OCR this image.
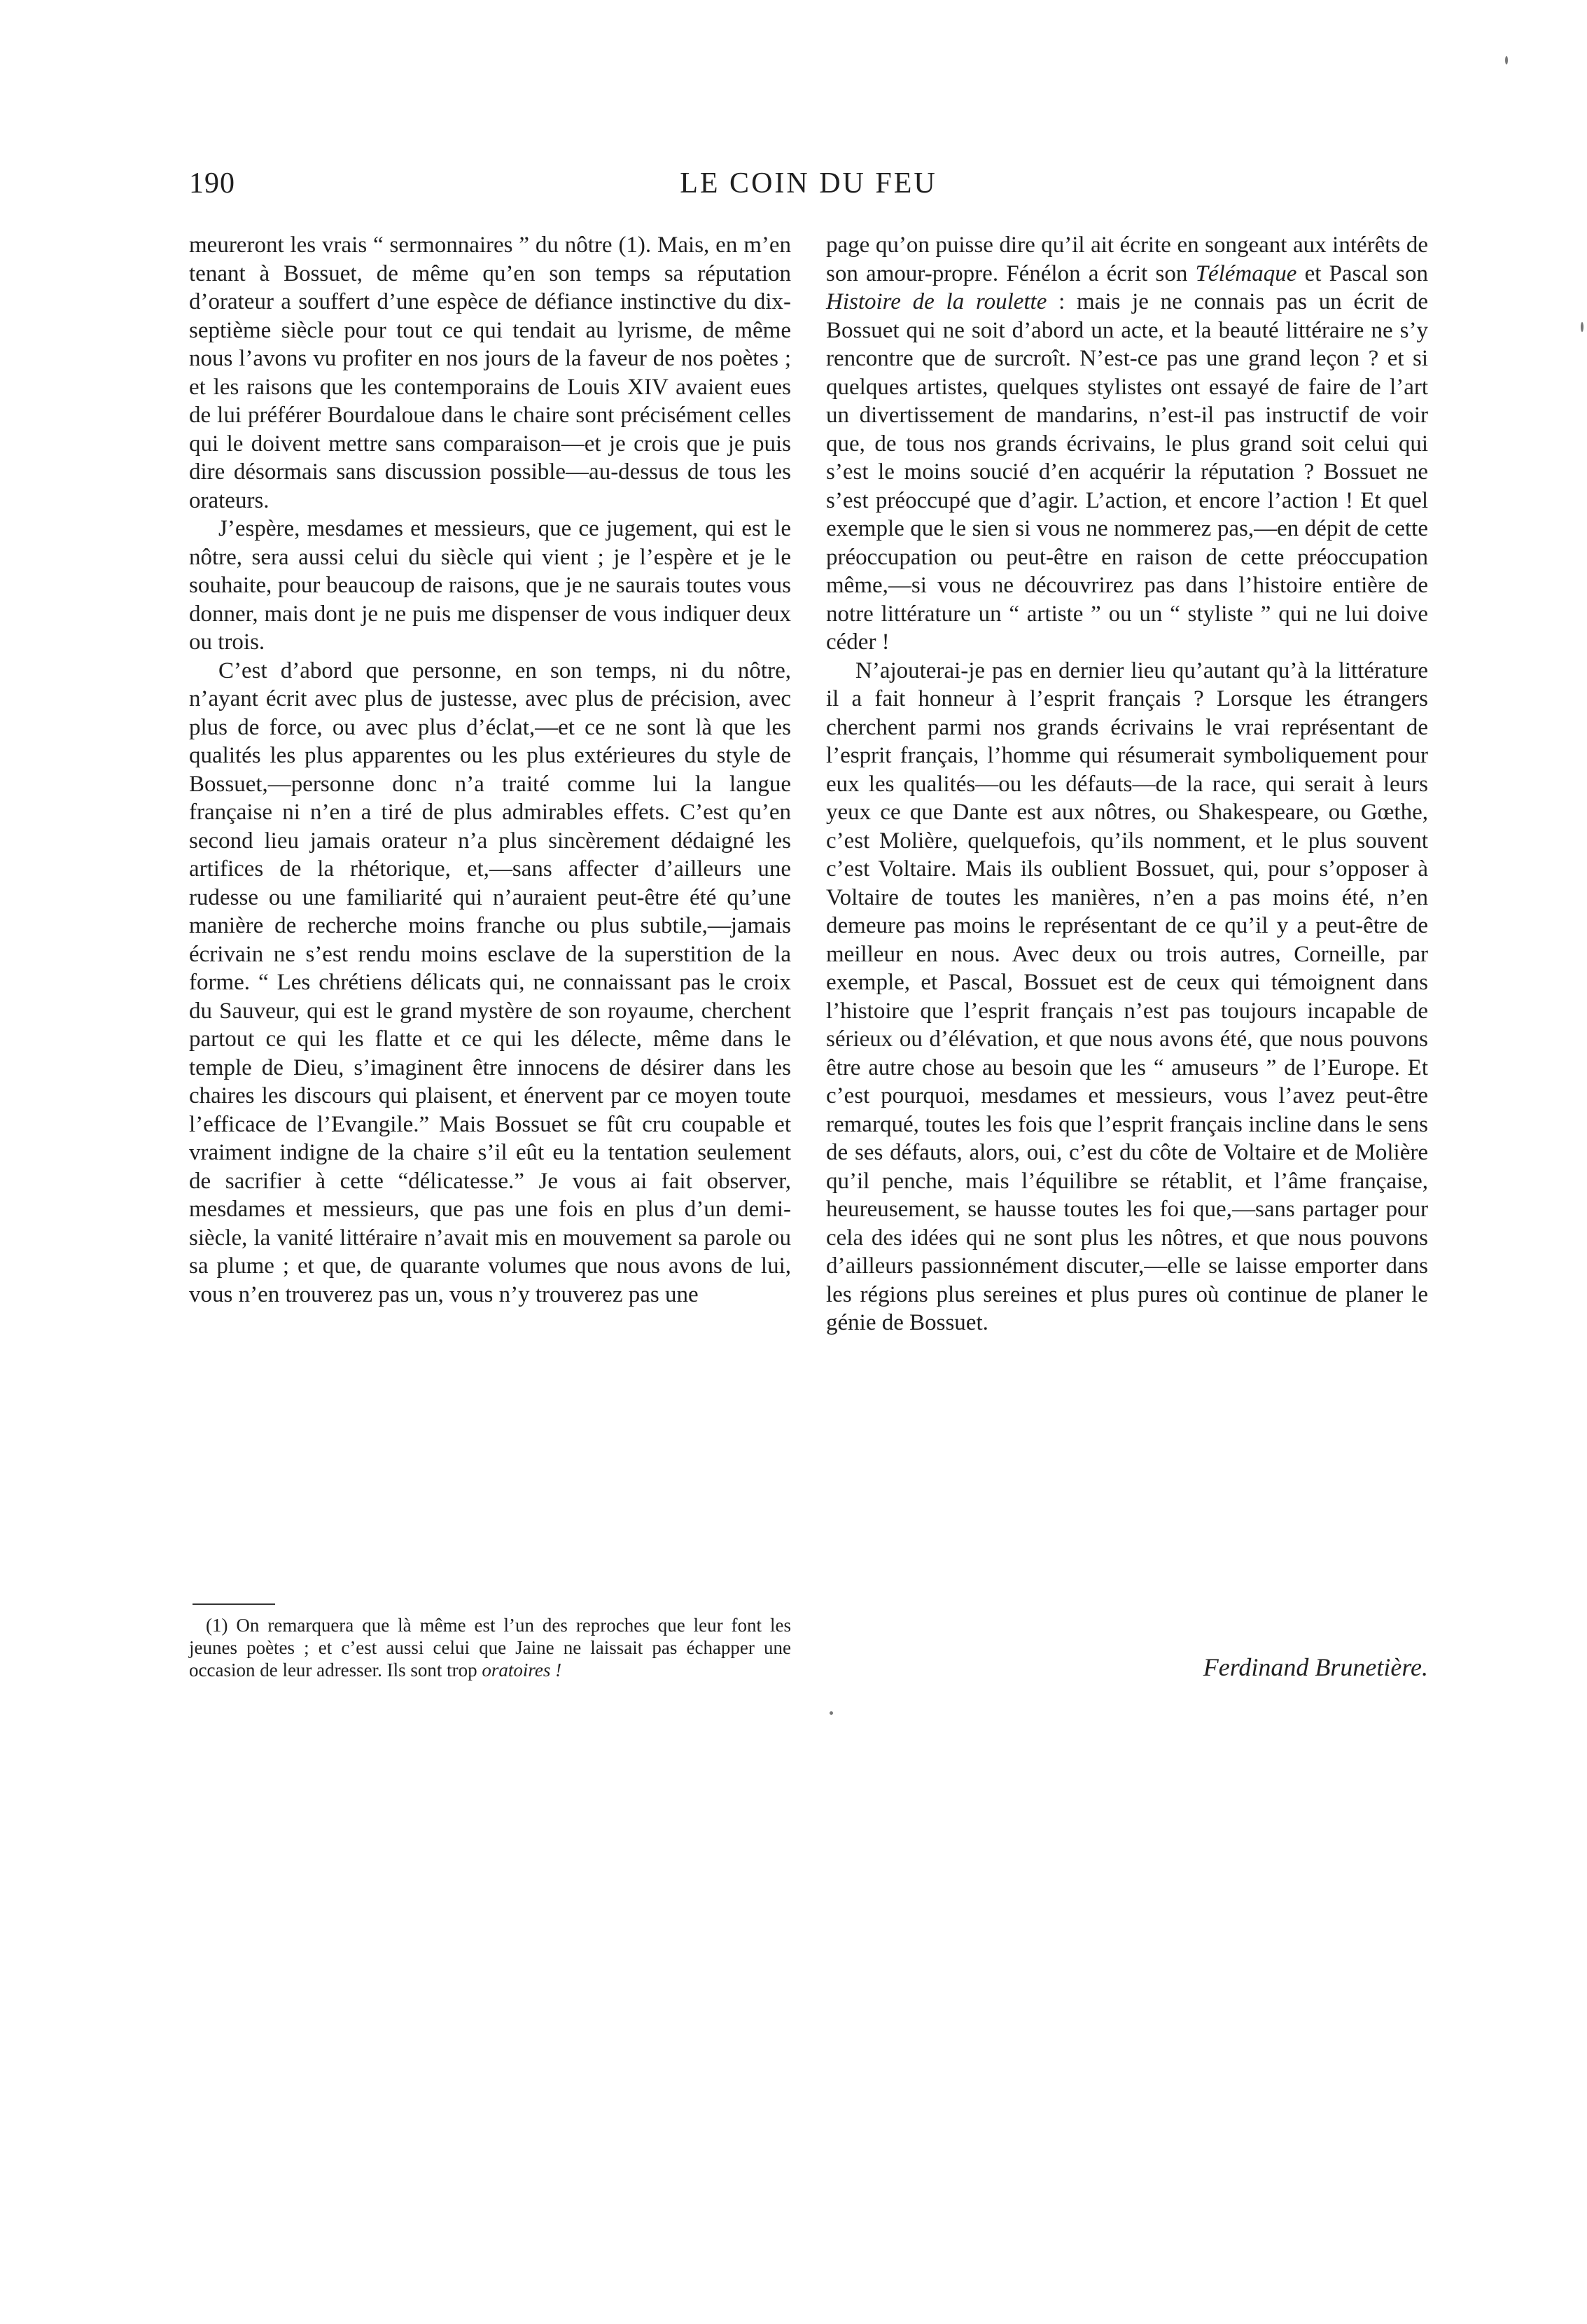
190	LE COIN DU FEU

meureront les vrais “ sermonnaires ” du nôtre (1). Mais, en m’en tenant à Bossuet, de même qu’en son temps sa réputation d’orateur a souffert d’une espèce de défiance instinctive du dix-septième siècle pour tout ce qui tendait au lyrisme, de même nous l’avons vu profiter en nos jours de la faveur de nos poètes ; et les raisons que les contemporains de Louis XIV avaient eues de lui préférer Bourdaloue dans le chaire sont précisément celles qui le doivent mettre sans comparaison—et je crois que je puis dire désormais sans discussion possible—au-dessus de tous les orateurs.

J’espère, mesdames et messieurs, que ce jugement, qui est le nôtre, sera aussi celui du siècle qui vient ; je l’espère et je le souhaite, pour beaucoup de raisons, que je ne saurais toutes vous donner, mais dont je ne puis me dispenser de vous indiquer deux ou trois.

C’est d’abord que personne, en son temps, ni du nôtre, n’ayant écrit avec plus de justesse, avec plus de précision, avec plus de force, ou avec plus d’éclat,—et ce ne sont là que les qualités les plus apparentes ou les plus extérieures du style de Bossuet,—personne donc n’a traité comme lui la langue française ni n’en a tiré de plus admirables effets. C’est qu’en second lieu jamais orateur n’a plus sincèrement dédaigné les artifices de la rhétorique, et,—sans affecter d’ailleurs une rudesse ou une familiarité qui n’auraient peut-être été qu’une manière de recherche moins franche ou plus subtile,—jamais écrivain ne s’est rendu moins esclave de la superstition de la forme. “ Les chrétiens délicats qui, ne connaissant pas le croix du Sauveur, qui est le grand mystère de son royaume, cherchent partout ce qui les flatte et ce qui les délecte, même dans le temple de Dieu, s’imaginent être innocens de désirer dans les chaires les discours qui plaisent, et énervent par ce moyen toute l’efficace de l’Evangile.” Mais Bossuet se fût cru coupable et vraiment indigne de la chaire s’il eût eu la tentation seulement de sacrifier à cette “délicatesse.” Je vous ai fait observer, mesdames et messieurs, que pas une fois en plus d’un demi-siècle, la vanité littéraire n’avait mis en mouvement sa parole ou sa plume ; et que, de quarante volumes que nous avons de lui, vous n’en trouverez pas un, vous n’y trouverez pas une

(1) On remarquera que là même est l’un des reproches que leur font les jeunes poètes ; et c’est aussi celui que Jaine ne laissait pas échapper une occasion de leur adresser. Ils sont trop oratoires !

page qu’on puisse dire qu’il ait écrite en songeant aux intérêts de son amour-propre. Fénélon a écrit son Télémaque et Pascal son Histoire de la roulette : mais je ne connais pas un écrit de Bossuet qui ne soit d’abord un acte, et la beauté littéraire ne s’y rencontre que de surcroît. N’est-ce pas une grand leçon ? et si quelques artistes, quelques stylistes ont essayé de faire de l’art un divertissement de mandarins, n’est-il pas instructif de voir que, de tous nos grands écrivains, le plus grand soit celui qui s’est le moins soucié d’en acquérir la réputation ? Bossuet ne s’est préoccupé que d’agir. L’action, et encore l’action ! Et quel exemple que le sien si vous ne nommerez pas,—en dépit de cette préoccupation ou peut-être en raison de cette préoccupation même,—si vous ne découvrirez pas dans l’histoire entière de notre littérature un “ artiste ” ou un “ styliste ” qui ne lui doive céder !

N’ajouterai-je pas en dernier lieu qu’autant qu’à la littérature il a fait honneur à l’esprit français ? Lorsque les étrangers cherchent parmi nos grands écrivains le vrai représentant de l’esprit français, l’homme qui résumerait symboliquement pour eux les qualités—ou les défauts—de la race, qui serait à leurs yeux ce que Dante est aux nôtres, ou Shakespeare, ou Gœthe, c’est Molière, quelquefois, qu’ils nomment, et le plus souvent c’est Voltaire. Mais ils oublient Bossuet, qui, pour s’opposer à Voltaire de toutes les manières, n’en a pas moins été, n’en demeure pas moins le représentant de ce qu’il y a peut-être de meilleur en nous. Avec deux ou trois autres, Corneille, par exemple, et Pascal, Bossuet est de ceux qui témoignent dans l’histoire que l’esprit français n’est pas toujours incapable de sérieux ou d’élévation, et que nous avons été, que nous pouvons être autre chose au besoin que les “ amuseurs ” de l’Europe. Et c’est pourquoi, mesdames et messieurs, vous l’avez peut-être remarqué, toutes les fois que l’esprit français incline dans le sens de ses défauts, alors, oui, c’est du côte de Voltaire et de Molière qu’il penche, mais l’équilibre se rétablit, et l’âme française, heureusement, se hausse toutes les foi que,—sans partager pour cela des idées qui ne sont plus les nôtres, et que nous pouvons d’ailleurs passionnément discuter,—elle se laisse emporter dans les régions plus sereines et plus pures où continue de planer le génie de Bossuet.

Ferdinand Brunetière.
